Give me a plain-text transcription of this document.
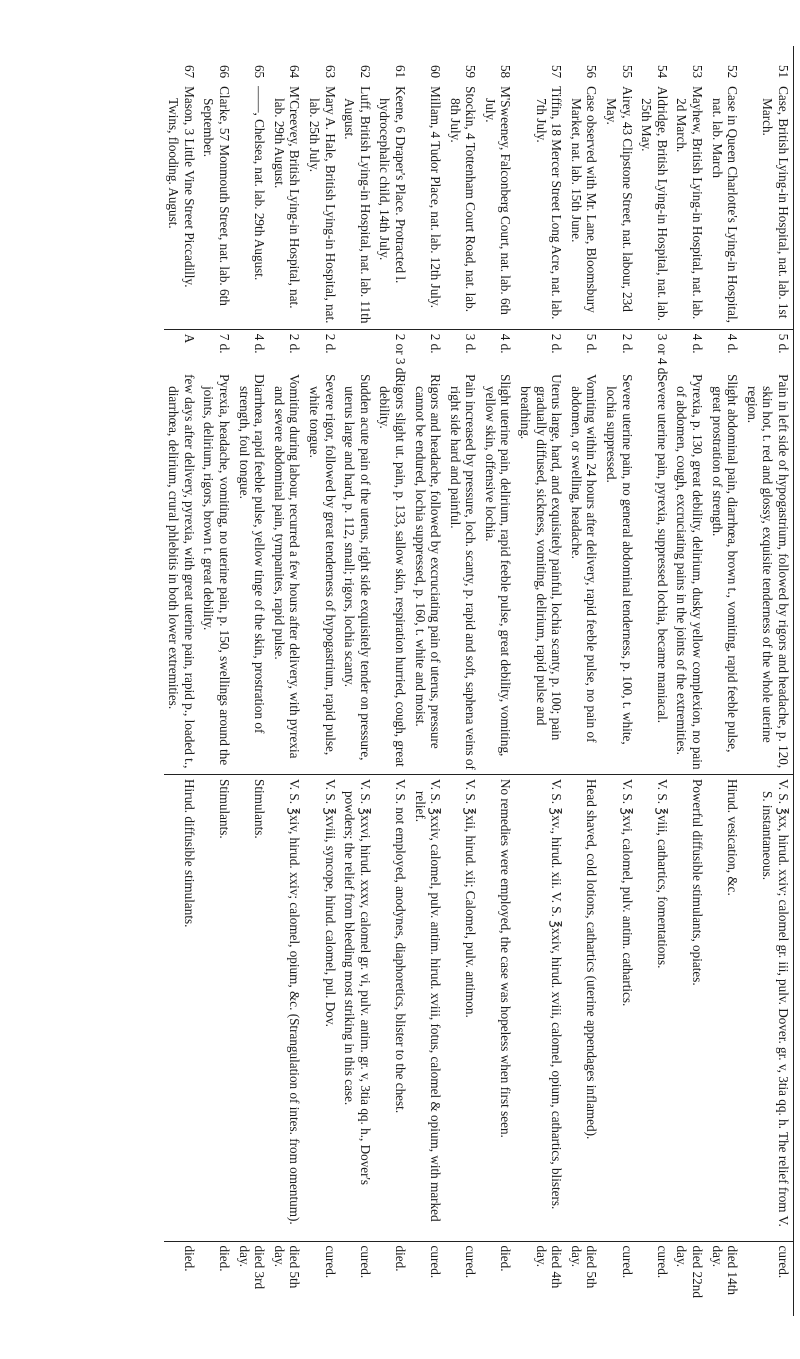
51	Case, British Lying-in Hospital, nat. lab. 1st March.	5 d.	Pain in left side of hypogastrium, followed by rigors and headache, p. 120, skin hot, t. red and glossy, exquisite tenderness of the whole uterine region.	V. S. ℥xx, hirud. xxiv; calomel gr. iii, pulv. Dover. gr. v, 3tia qq. h. The relief from V. S. instantaneous.	cured.

52	Case in Queen Charlotte's Lying-in Hospital, nat. lab. March	4 d.	Slight abdominal pain, diarrhœa, brown t., vomiting, rapid feeble pulse, great prostration of strength.	Hirud. vesication, &c.	died 14th day.

53	Mayhew, British Lying-in Hospital, nat. lab. 2d March.	4 d.	Pyrexia, p. 130, great debility, delirium, dusky yellow complexion, no pain of abdomen, cough, excruciating pains in the joints of the extremities.	Powerful diffusible stimulants, opiates.	died 22nd day.

54	Aldridge, British Lying-in Hospital, nat. lab. 25th May.	3 or 4 d.	Severe uterine pain, pyrexia, suppressed lochia, became maniacal.	V. S. ℥viii, cathartics, fomentations.	cured.

55	Airey, 43 Clipstone Street, nat. labour, 23d May.	2 d.	Severe uterine pain, no general abdominal tenderness, p. 100, t. white, lochia suppressed.	V. S. ℥xvi, calomel, pulv. antim. cathartics.	cured.

56	Case observed with Mr. Lane, Bloomsbury Market, nat. lab. 15th June.	5 d.	Vomiting within 24 hours after delivery, rapid feeble pulse, no pain of abdomen, or swelling, headache.	Head shaved, cold lotions, cathartics (uterine appendages inflamed).	died 5th day.

57	Tiffin, 18 Mercer Street Long Acre, nat. lab. 7th July.	2 d.	Uterus large, hard, and exquisitely painful, lochia scanty, p. 100; pain gradually diffused, sickness, vomiting, delirium, rapid pulse and breathing.	V. S. ℥xv., hirud. xii. V. S. ℥xxiv, hirud. xviii, calomel, opium, cathartics, blisters.	died 4th day.

58	M'Sweeney, Falconberg Court, nat. lab. 6th July.	4 d.	Slight uterine pain, delirium, rapid feeble pulse, great debility, vomiting, yellow skin, offensive lochia.	No remedies were employed, the case was hopeless when first seen.	died.

59	Stockin, 4 Tottenham Court Road, nat. lab. 8th July.	3 d.	Pain increased by pressure, loch. scanty, p. rapid and soft, saphena veins of right side hard and painful.	V. S. ℥xii, hirud. xii; Calomel, pulv. antimon.	cured.

60	Millam, 4 Tudor Place, nat. lab. 12th July.	2 d.	Rigors and headache, followed by excruciating pain of uterus, pressure cannot be endured, lochia suppressed, p. 160, t. white and moist.	V. S. ℥xxiv, calomel, pulv. antim. hirud. xviii, fotus, calomel & opium, with marked relief.	cured.

61	Keene, 6 Draper's Place. Protracted l. hydrocephalic child, 14th July.	2 or 3 d.	Rigors slight ut. pain, p. 133, sallow skin, respiration hurried, cough, great debility.	V. S. not employed, anodynes, diaphoretics, blister to the chest.	died.

62	Luff, British Lying-in Hospital, nat. lab. 11th August.		Sudden acute pain of the uterus, right side exquisitely tender on pressure, uterus large and hard, p. 112, small; rigors, lochia scanty.	V. S. ℥xxvi, hirud. xxxv, calomel gr. vi, pulv. antim. gr. v, 3tia qq. h., Dover's powders; the relief from bleeding most striking in this case.	cured.

63	Mary A. Hale, British Lying-in Hospital, nat. lab. 25th July.	2 d.	Severe rigor, followed by great tenderness of hypogastrium, rapid pulse, white tongue.	V. S. ℥xviii, syncope, hirud. calomel, pul. Dov.	cured.

64	M'Creevey, British Lying-in Hospital, nat. lab. 29th August.	2 d.	Vomiting during labour, recurred a few hours after delivery, with pyrexia and severe abdominal pain, tympanites, rapid pulse.	V. S. ℥xiv, hirud. xxiv; calomel, opium, &c. (Strangulation of intes. from omentum).	died 5th day.

65	——, Chelsea, nat. lab. 29th August.	4 d.	Diarrhœa, rapid feeble pulse, yellow tinge of the skin, prostration of strength, foul tongue.	Stimulants.	died 3rd day.

66	Clarke, 57 Monmouth Street, nat. lab. 6th September.	7 d.	Pyrexia, headache, vomiting, no uterine pain, p. 150, swellings around the joints, delirium, rigors, brown t. great debility.	Stimulants.	died.

67	Mason, 3 Little Vine Street Piccadilly. Twins, flooding. August.	A	few days after delivery, pyrexia, with great uterine pain, rapid p., loaded t., diarrhœa, delirium, crural phlebitis in both lower extremities.	Hirud. diffusible stimulants.	died.
